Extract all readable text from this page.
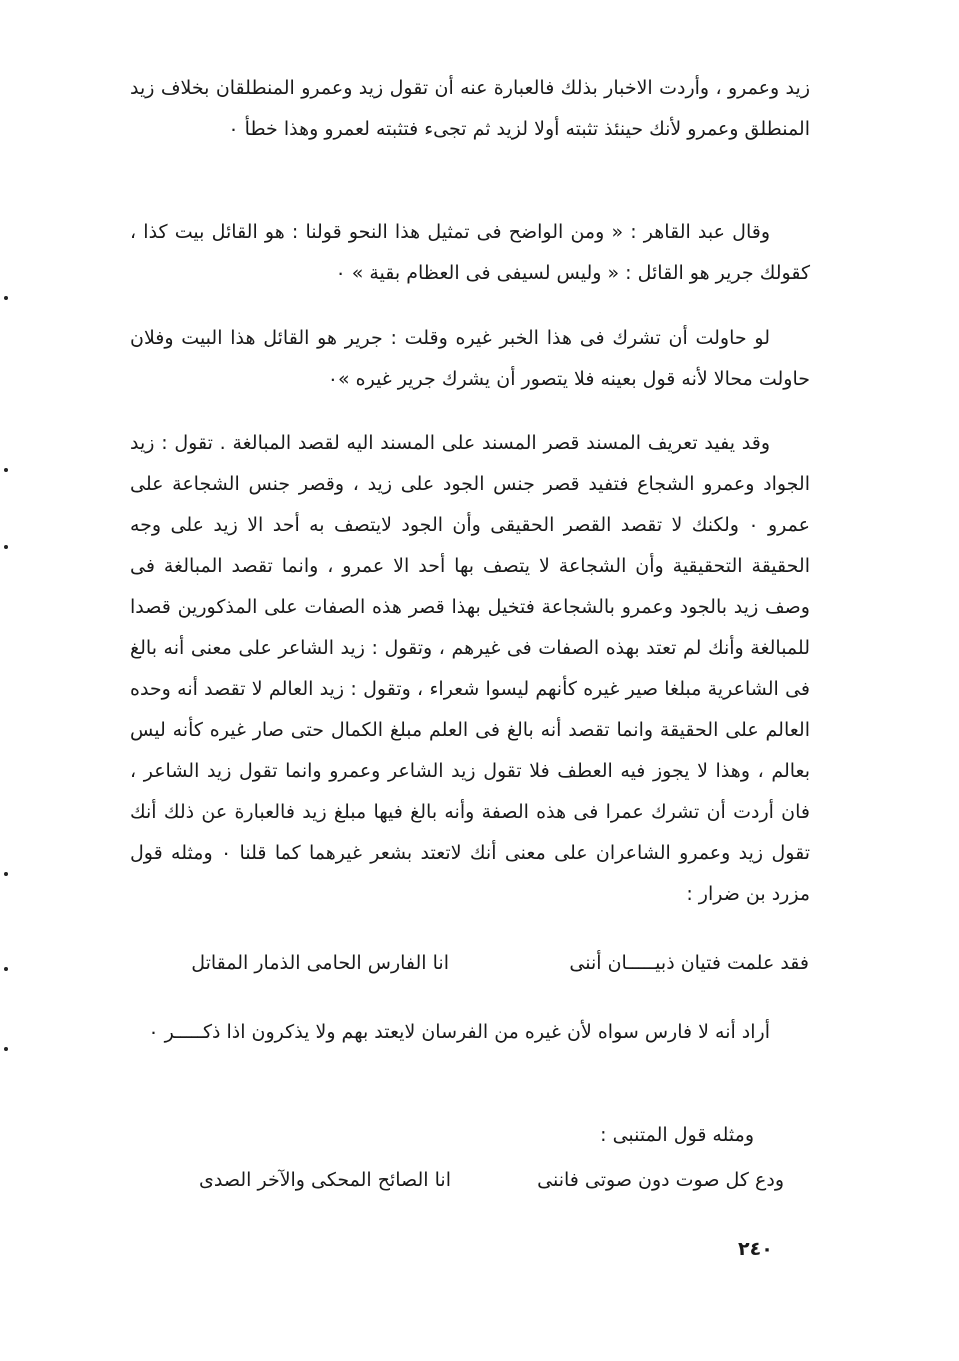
زيد وعمرو ، وأردت الاخبار بذلك فالعبارة عنه أن تقول زيد وعمرو المنطلقان بخلاف زيد المنطلق وعمرو لأنك حينئذ تثبته أولا لزيد ثم تجىء فتثبته لعمرو وهذا خطأ ٠

وقال عبد القاهر : « ومن الواضح فى تمثيل هذا النحو قولنا : هو القائل بيت كذا ، كقولك جرير هو القائل : « وليس لسيفى فى العظام بقية » ٠

لو حاولت أن تشرك فى هذا الخبر غيره وقلت : جرير هو القائل هذا البيت وفلان حاولت محالا لأنه قول بعينه فلا يتصور أن يشرك جرير غيره »٠

وقد يفيد تعريف المسند قصر المسند على المسند اليه لقصد المبالغة . تقول : زيد الجواد وعمرو الشجاع فتفيد قصر جنس الجود على زيد ، وقصر جنس الشجاعة على عمرو ٠ ولكنك لا تقصد القصر الحقيقى وأن الجود لايتصف به أحد الا زيد على وجه الحقيقة التحقيقية وأن الشجاعة لا يتصف بها أحد الا عمرو ، وانما تقصد المبالغة فى وصف زيد بالجود وعمرو بالشجاعة فتخيل بهذا قصر هذه الصفات على المذكورين قصدا للمبالغة وأنك لم تعتد بهذه الصفات فى غيرهم ، وتقول : زيد الشاعر على معنى أنه بالغ فى الشاعرية مبلغا صير غيره كأنهم ليسوا شعراء ، وتقول : زيد العالم لا تقصد أنه وحده العالم على الحقيقة وانما تقصد أنه بالغ فى العلم مبلغ الكمال حتى صار غيره كأنه ليس بعالم ، وهذا لا يجوز فيه العطف فلا تقول زيد الشاعر وعمرو وانما تقول زيد الشاعر ، فان أردت أن تشرك عمرا فى هذه الصفة وأنه بالغ فيها مبلغ زيد فالعبارة عن ذلك أنك تقول زيد وعمرو الشاعران على معنى أنك لاتعتد بشعر غيرهما كما قلنا ٠ ومثله قول مزرد بن ضرار :

فقد علمت فتيان ذبيـــــان أننى
انا الفارس الحامى الذمار المقاتل

أراد أنه لا فارس سواه لأن غيره من الفرسان لايعتد بهم ولا يذكرون اذا ذكـــــر ٠

ومثله قول المتنبى :
ودع كل صوت دون صوتى فاننى
انا الصائح المحكى والآخر الصدى
٢٤٠
